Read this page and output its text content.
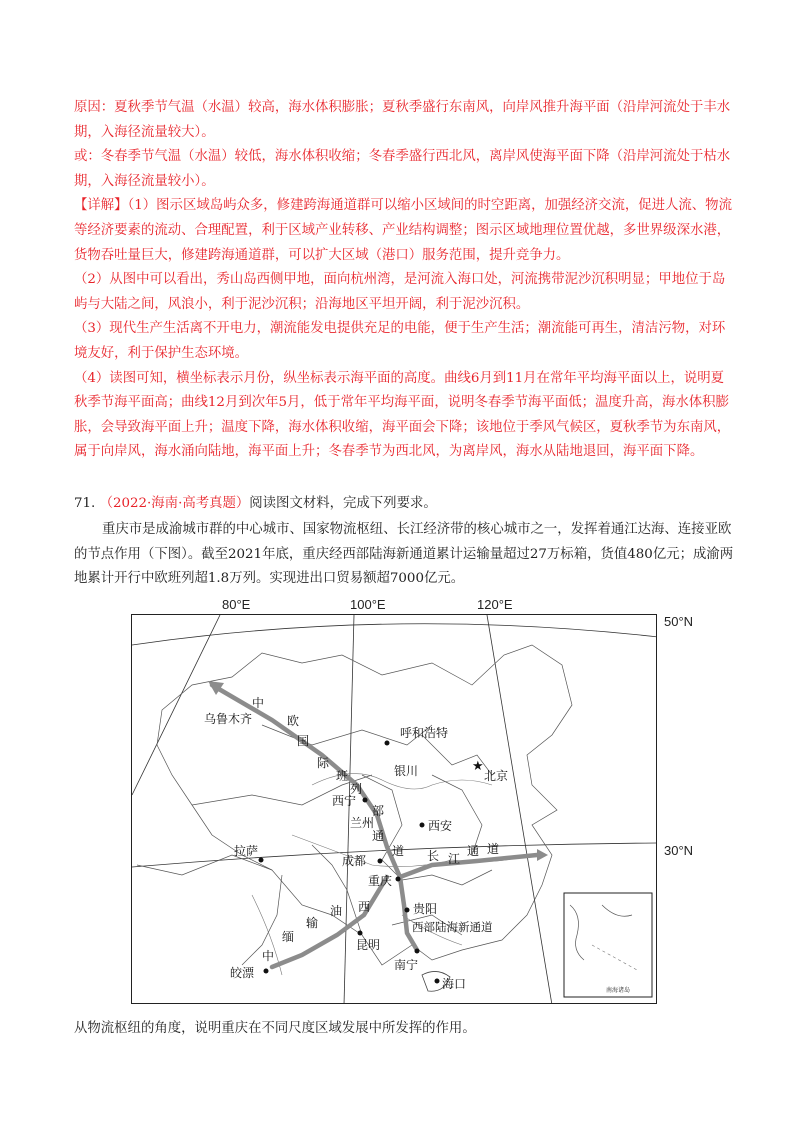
原因：夏秋季节气温（水温）较高，海水体积膨胀；夏秋季盛行东南风，向岸风推升海平面（沿岸河流处于丰水期，入海径流量较大）。

或：冬春季节气温（水温）较低，海水体积收缩；冬春季盛行西北风，离岸风使海平面下降（沿岸河流处于枯水期，入海径流量较小）。

【详解】（1）图示区域岛屿众多，修建跨海通道群可以缩小区域间的时空距离，加强经济交流，促进人流、物流等经济要素的流动、合理配置，利于区域产业转移、产业结构调整；图示区域地理位置优越，多世界级深水港，货物吞吐量巨大，修建跨海通道群，可以扩大区域（港口）服务范围，提升竞争力。

（2）从图中可以看出，秀山岛西侧甲地，面向杭州湾，是河流入海口处，河流携带泥沙沉积明显；甲地位于岛屿与大陆之间，风浪小，利于泥沙沉积；沿海地区平坦开阔，利于泥沙沉积。

（3）现代生产生活离不开电力，潮流能发电提供充足的电能，便于生产生活；潮流能可再生，清洁污物，对环境友好，利于保护生态环境。

（4）读图可知，横坐标表示月份，纵坐标表示海平面的高度。曲线6月到11月在常年平均海平面以上，说明夏秋季节海平面高；曲线12月到次年5月，低于常年平均海平面，说明冬春季节海平面低；温度升高，海水体积膨胀，会导致海平面上升；温度下降，海水体积收缩，海平面会下降；该地位于季风气候区，夏秋季节为东南风，属于向岸风，海水涌向陆地，海平面上升；冬春季节为西北风，为离岸风，海水从陆地退回，海平面下降。

71. （2022·海南·高考真题）阅读图文材料，完成下列要求。
重庆市是成渝城市群的中心城市、国家物流枢纽、长江经济带的核心城市之一，发挥着通江达海、连接亚欧的节点作用（下图）。截至2021年底，重庆经西部陆海新通道累计运输量超过27万标箱，货值480亿元；成渝两地累计开行中欧班列超1.8万列。实现进出口贸易额超7000亿元。
80°E	100°E	120°E
50°N
30°N
★
乌鲁木齐
呼和浩特
北京
西宁
兰州	西安
拉萨
成都
重庆
贵阳
昆明
南宁
海口
皎漂
银川
中
欧
国
际
班
列
部
通
道
西
长 江
通 道
中
缅
输
油
西部陆海新通道
南海诸岛
从物流枢纽的角度，说明重庆在不同尺度区域发展中所发挥的作用。
